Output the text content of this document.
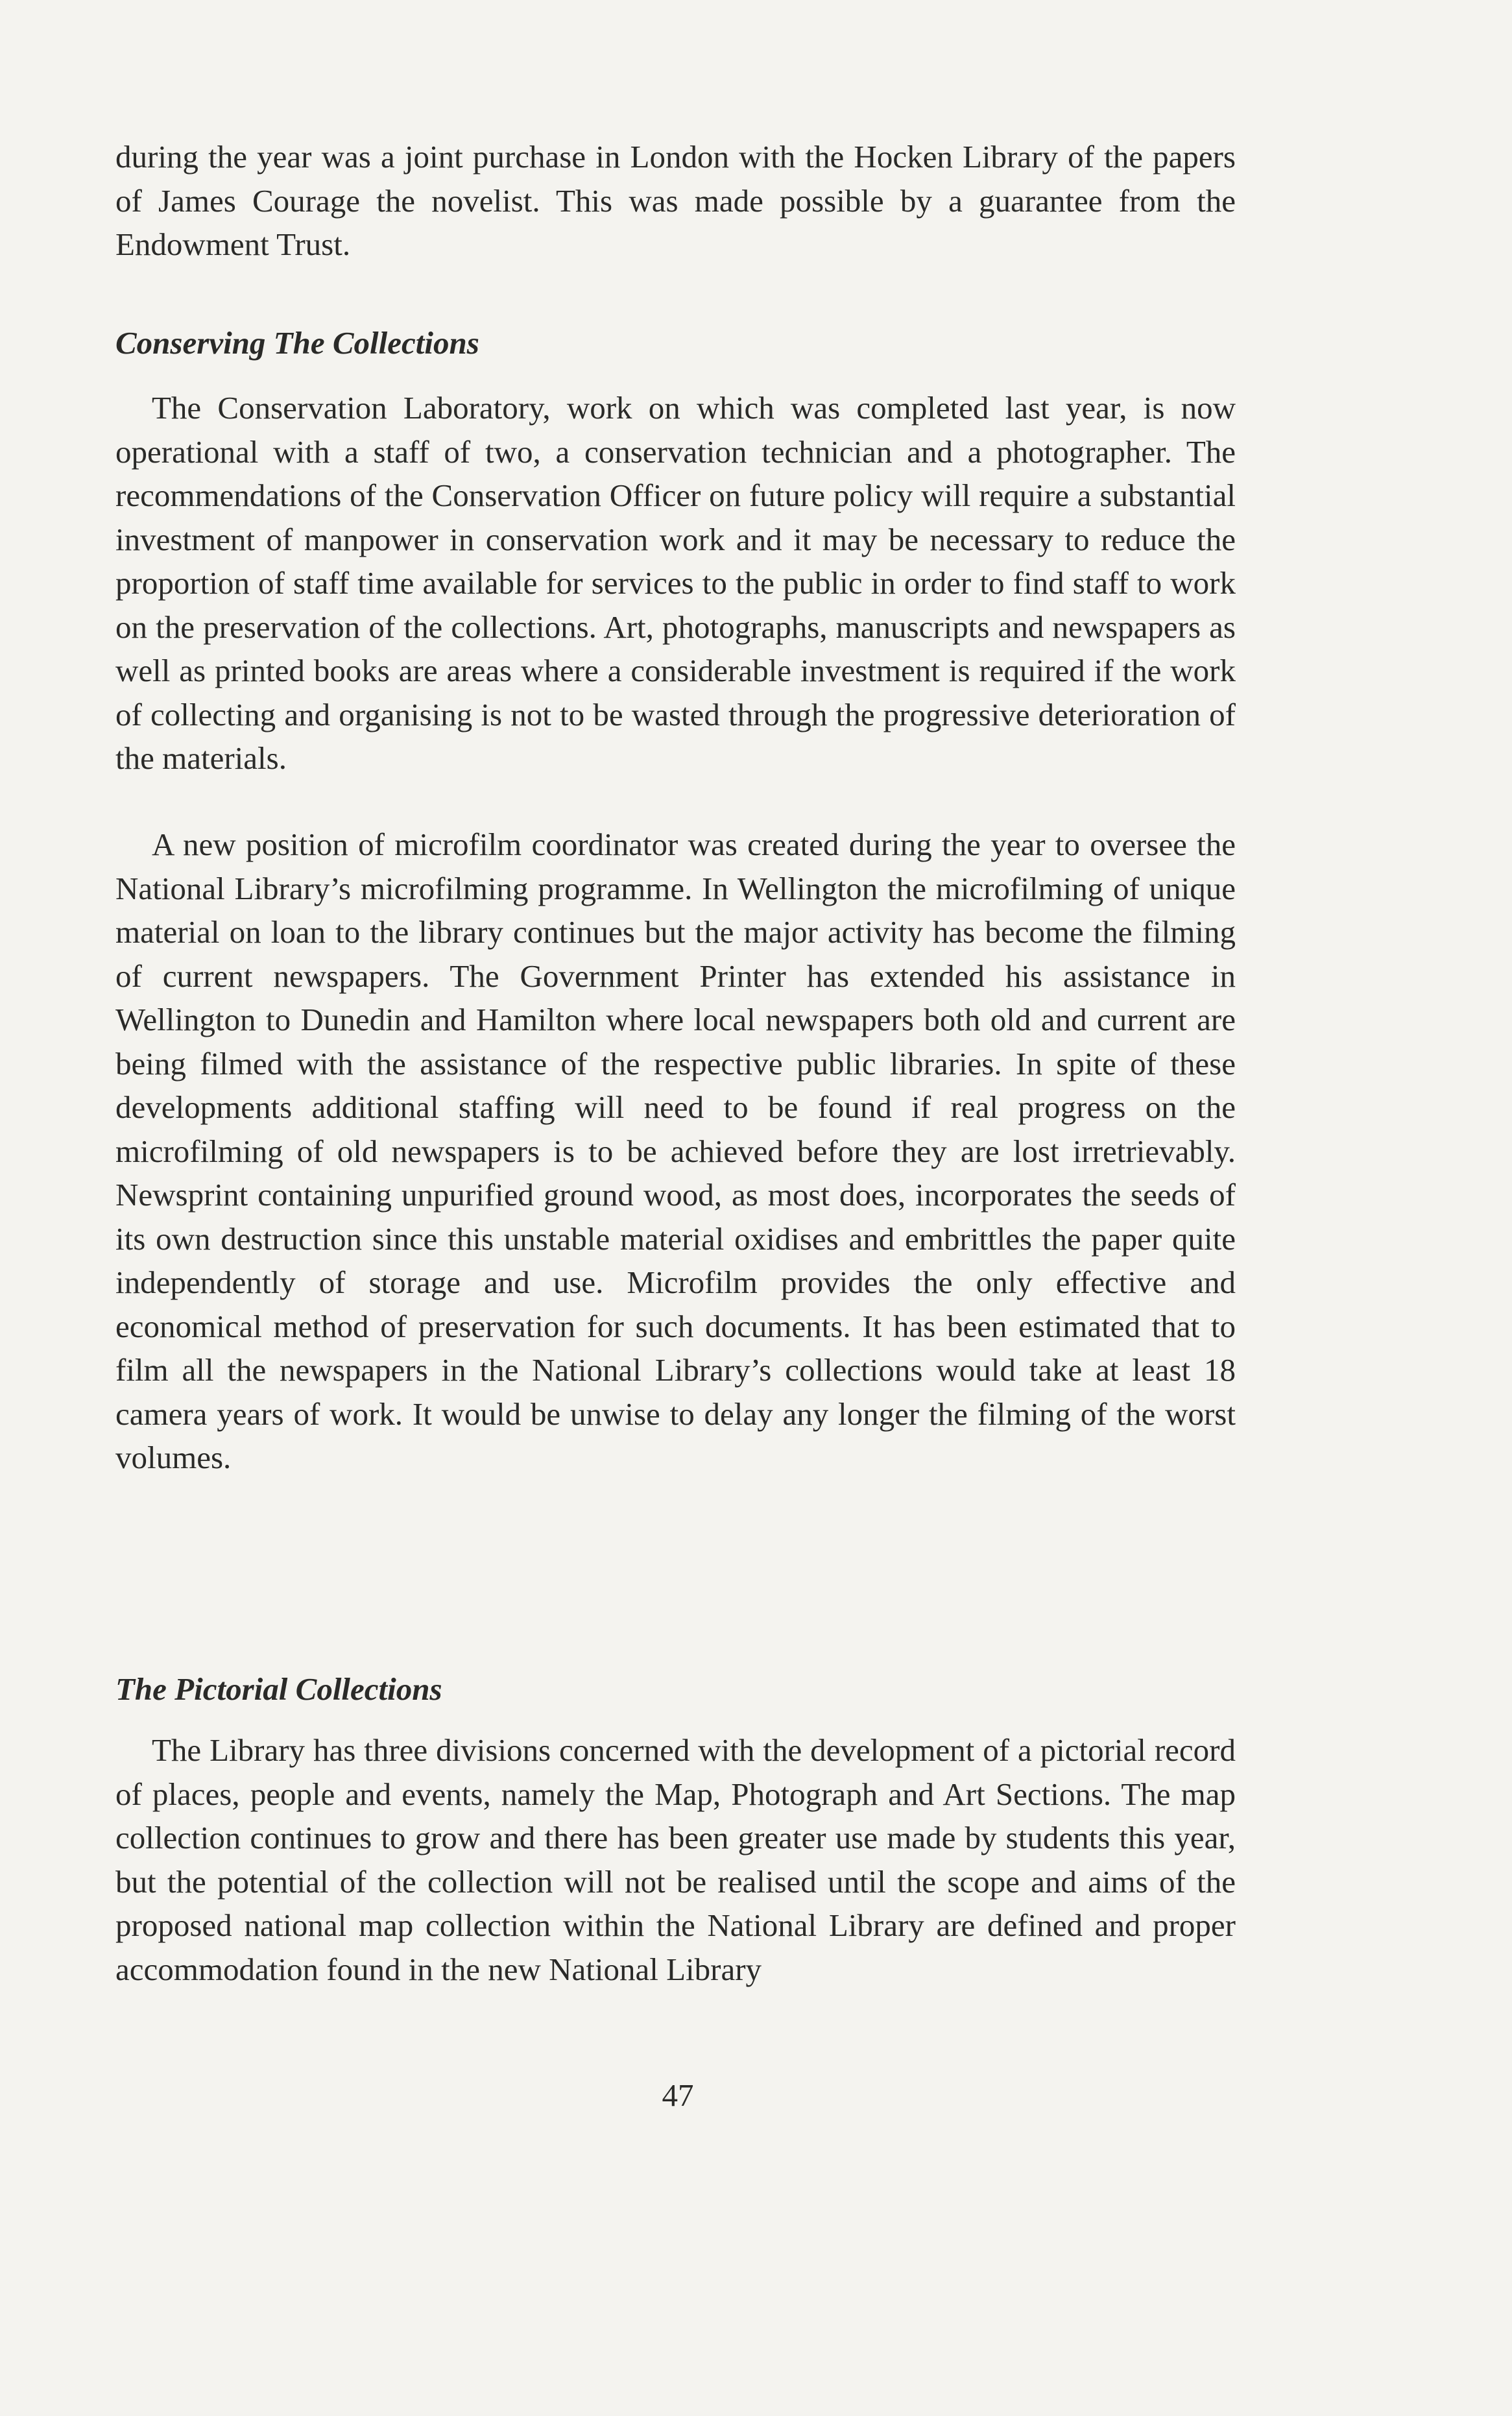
during the year was a joint purchase in London with the Hocken Library of the papers of James Courage the novelist. This was made possible by a guarantee from the Endowment Trust.

Conserving The Collections

The Conservation Laboratory, work on which was completed last year, is now operational with a staff of two, a conservation technician and a photographer. The recommendations of the Conservation Officer on future policy will require a substantial investment of manpower in conservation work and it may be necessary to reduce the proportion of staff time available for services to the public in order to find staff to work on the preservation of the collections. Art, photographs, manuscripts and newspapers as well as printed books are areas where a considerable investment is required if the work of collecting and organising is not to be wasted through the progressive deterioration of the materials.

A new position of microfilm coordinator was created during the year to oversee the National Library’s microfilming programme. In Wellington the microfilming of unique material on loan to the library continues but the major activity has become the filming of current newspapers. The Government Printer has extended his assistance in Wellington to Dunedin and Hamilton where local newspapers both old and current are being filmed with the assistance of the respective public libraries. In spite of these developments additional staffing will need to be found if real progress on the microfilming of old newspapers is to be achieved before they are lost irretrievably. Newsprint containing unpurified ground wood, as most does, incorporates the seeds of its own destruction since this unstable material oxidises and embrittles the paper quite independently of storage and use. Microfilm provides the only effective and economical method of preservation for such documents. It has been estimated that to film all the newspapers in the National Library’s collections would take at least 18 camera years of work. It would be unwise to delay any longer the filming of the worst volumes.

The Pictorial Collections

The Library has three divisions concerned with the development of a pictorial record of places, people and events, namely the Map, Photograph and Art Sections. The map collection continues to grow and there has been greater use made by students this year, but the potential of the collection will not be realised until the scope and aims of the proposed national map collection within the National Library are defined and proper accommodation found in the new National Library

47
